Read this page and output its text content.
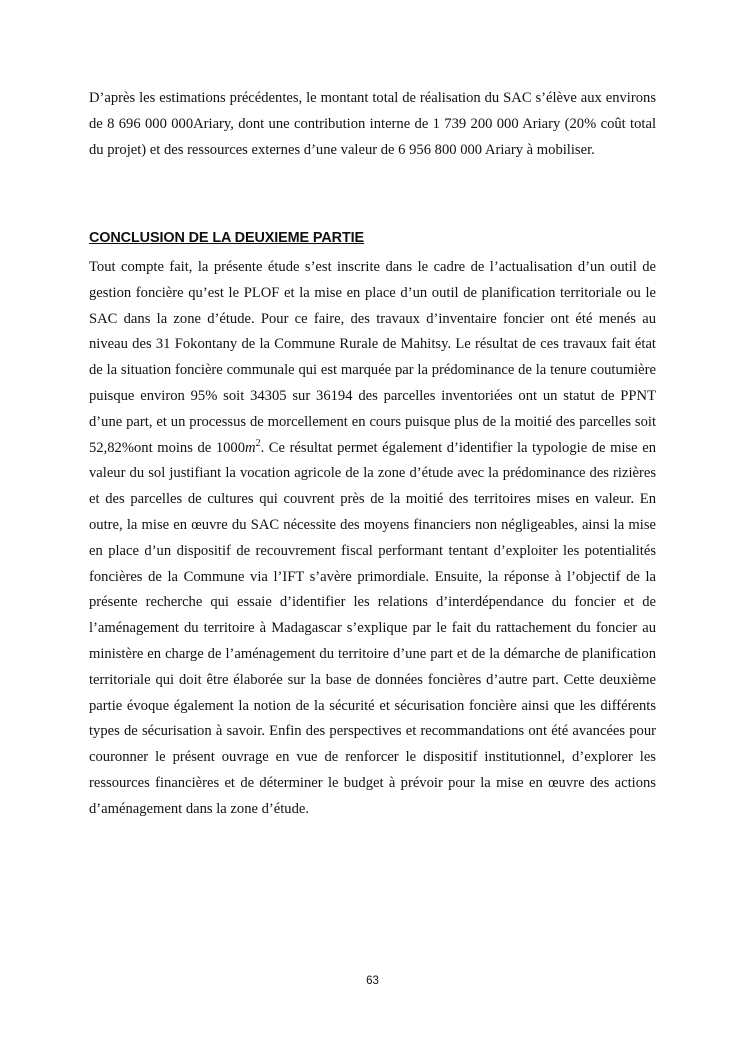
D’après les estimations précédentes, le montant total de réalisation du SAC s’élève aux environs de 8 696 000 000Ariary, dont une contribution interne de 1 739 200 000 Ariary (20% coût total du projet) et des ressources externes d’une valeur de 6 956 800 000 Ariary à mobiliser.

CONCLUSION DE LA DEUXIEME PARTIE

Tout compte fait, la présente étude s’est inscrite dans le cadre de l’actualisation d’un outil de gestion foncière qu’est le PLOF et la mise en place d’un outil de planification territoriale ou le SAC dans la zone d’étude. Pour ce faire, des travaux d’inventaire foncier ont été menés au niveau des 31 Fokontany de la Commune Rurale de Mahitsy. Le résultat de ces travaux fait état de la situation foncière communale qui est marquée par la prédominance de la tenure coutumière puisque environ 95% soit 34305 sur 36194 des parcelles inventoriées ont un statut de PPNT d’une part, et un processus de morcellement en cours puisque plus de la moitié des parcelles soit 52,82%ont moins de $1000m^2$. Ce résultat permet également d’identifier la typologie de mise en valeur du sol justifiant la vocation agricole de la zone d’étude avec la prédominance des rizières et des parcelles de cultures qui couvrent près de la moitié des territoires mises en valeur. En outre, la mise en œuvre du SAC nécessite des moyens financiers non négligeables, ainsi la mise en place d’un dispositif de recouvrement fiscal performant tentant d’exploiter les potentialités foncières de la Commune via l’IFT s’avère primordiale. Ensuite, la réponse à l’objectif de la présente recherche qui essaie d’identifier les relations d’interdépendance du foncier et de l’aménagement du territoire à Madagascar s’explique par le fait du rattachement du foncier au ministère en charge de l’aménagement du territoire d’une part et de la démarche de planification territoriale qui doit être élaborée sur la base de données foncières d’autre part. Cette deuxième partie évoque également la notion de la sécurité et sécurisation foncière ainsi que les différents types de sécurisation à savoir. Enfin des perspectives et recommandations ont été avancées pour couronner le présent ouvrage en vue de renforcer le dispositif institutionnel, d’explorer les ressources financières et de déterminer le budget à prévoir pour la mise en œuvre des actions d’aménagement dans la zone d’étude.

63
